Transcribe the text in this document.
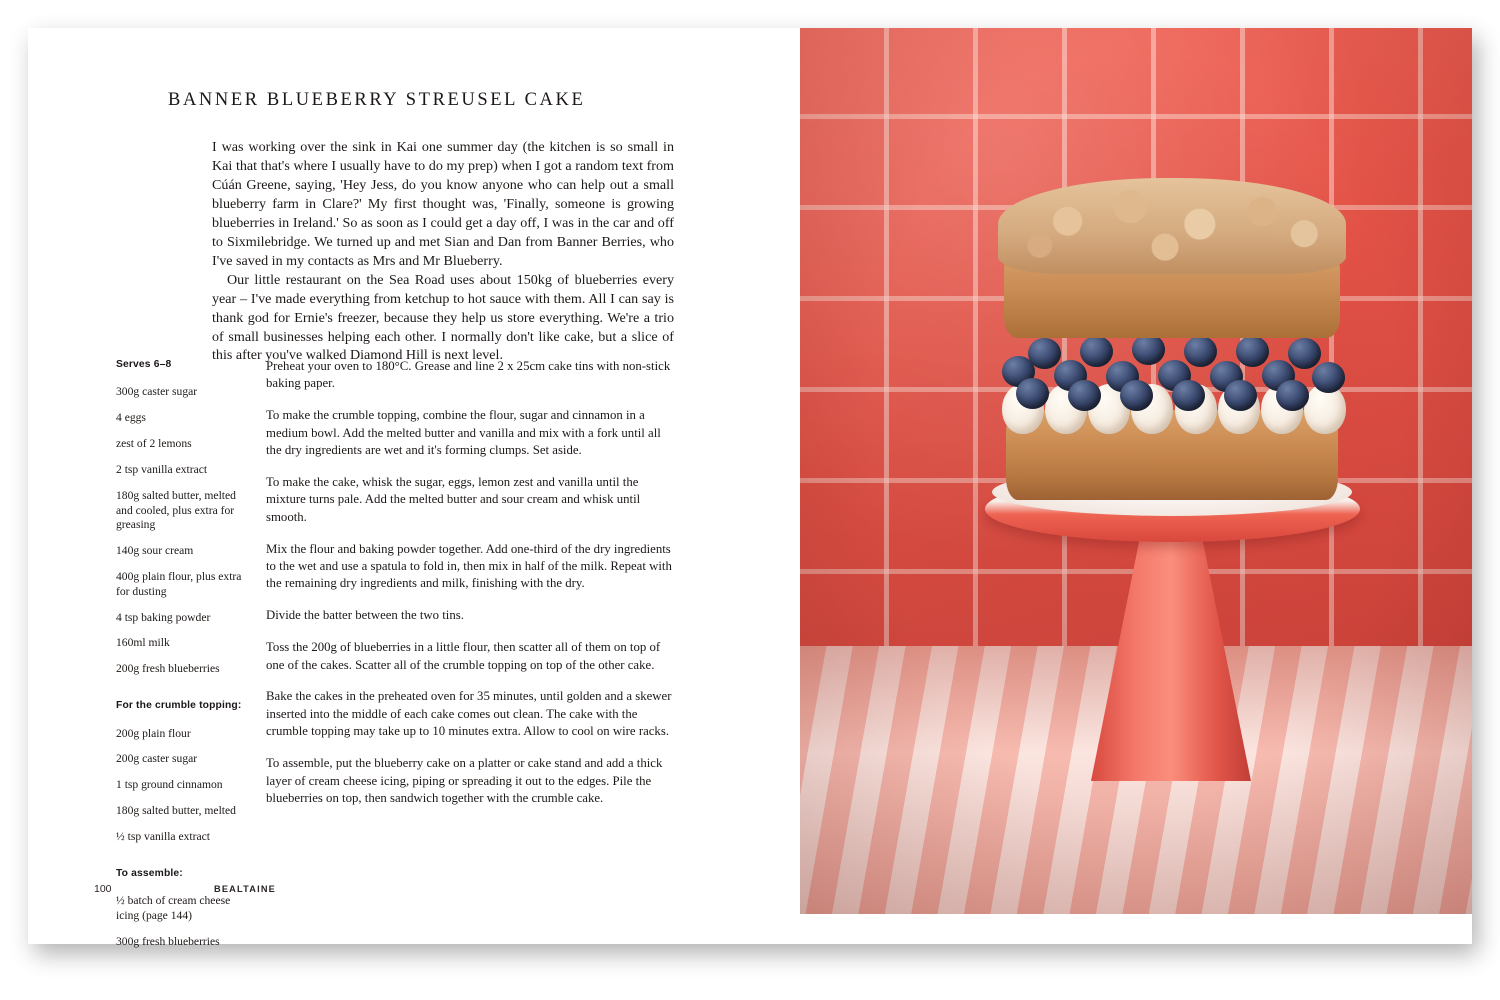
BANNER BLUEBERRY STREUSEL CAKE

I was working over the sink in Kai one summer day (the kitchen is so small in Kai that that's where I usually have to do my prep) when I got a random text from Cúán Greene, saying, 'Hey Jess, do you know anyone who can help out a small blueberry farm in Clare?' My first thought was, 'Finally, someone is growing blueberries in Ireland.' So as soon as I could get a day off, I was in the car and off to Sixmilebridge. We turned up and met Sian and Dan from Banner Berries, who I've saved in my contacts as Mrs and Mr Blueberry.

Our little restaurant on the Sea Road uses about 150kg of blueberries every year – I've made everything from ketchup to hot sauce with them. All I can say is thank god for Ernie's freezer, because they help us store everything. We're a trio of small businesses helping each other. I normally don't like cake, but a slice of this after you've walked Diamond Hill is next level.

Serves 6–8
300g caster sugar
4 eggs
zest of 2 lemons
2 tsp vanilla extract
180g salted butter, melted and cooled, plus extra for greasing
140g sour cream
400g plain flour, plus extra for dusting
4 tsp baking powder
160ml milk
200g fresh blueberries
For the crumble topping:
200g plain flour
200g caster sugar
1 tsp ground cinnamon
180g salted butter, melted
½ tsp vanilla extract
To assemble:
½ batch of cream cheese icing (page 144)
300g fresh blueberries

Preheat your oven to 180°C. Grease and line 2 x 25cm cake tins with non-stick baking paper.

To make the crumble topping, combine the flour, sugar and cinnamon in a medium bowl. Add the melted butter and vanilla and mix with a fork until all the dry ingredients are wet and it's forming clumps. Set aside.

To make the cake, whisk the sugar, eggs, lemon zest and vanilla until the mixture turns pale. Add the melted butter and sour cream and whisk until smooth.

Mix the flour and baking powder together. Add one-third of the dry ingredients to the wet and use a spatula to fold in, then mix in half of the milk. Repeat with the remaining dry ingredients and milk, finishing with the dry.

Divide the batter between the two tins.

Toss the 200g of blueberries in a little flour, then scatter all of them on top of one of the cakes. Scatter all of the crumble topping on top of the other cake.

Bake the cakes in the preheated oven for 35 minutes, until golden and a skewer inserted into the middle of each cake comes out clean. The cake with the crumble topping may take up to 10 minutes extra. Allow to cool on wire racks.

To assemble, put the blueberry cake on a platter or cake stand and add a thick layer of cream cheese icing, piping or spreading it out to the edges. Pile the blueberries on top, then sandwich together with the crumble cake.

100	BEALTAINE
